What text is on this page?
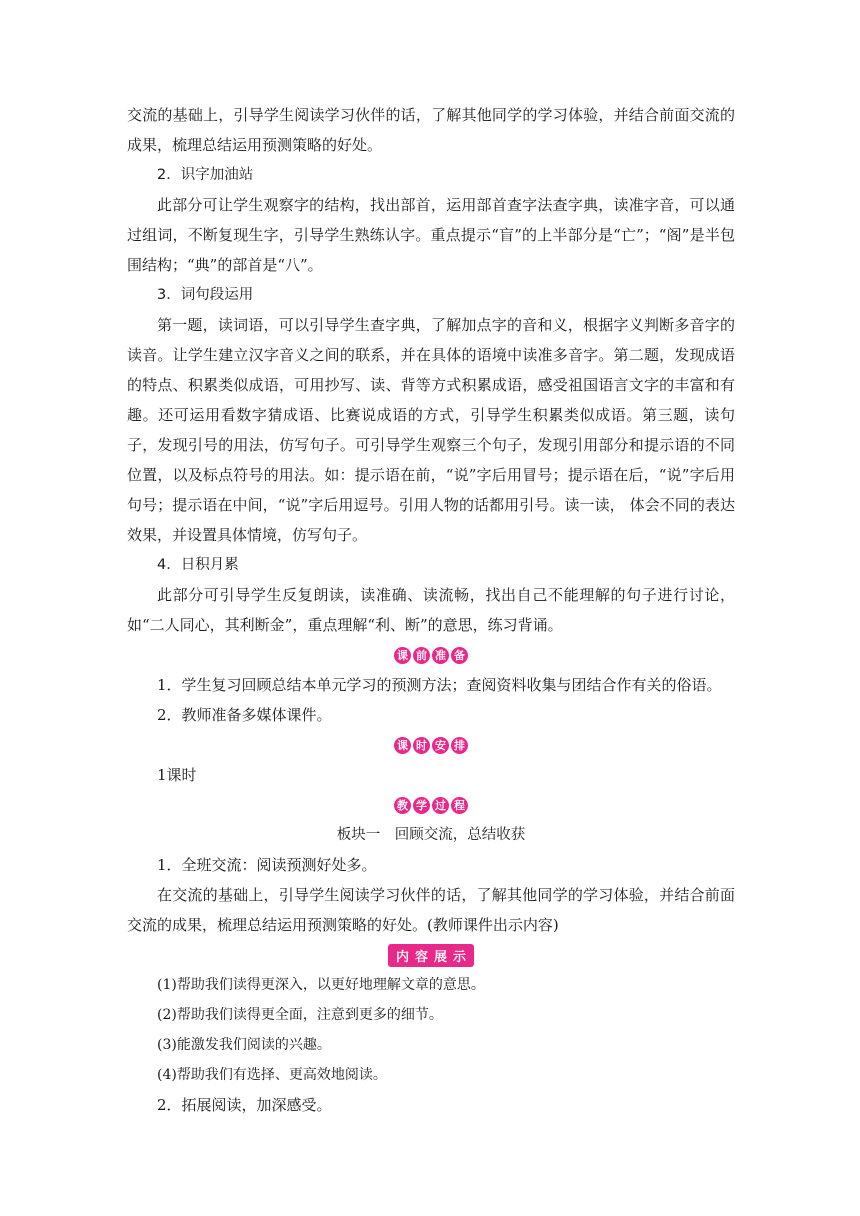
交流的基础上，引导学生阅读学习伙伴的话，了解其他同学的学习体验，并结合前面交流的成果，梳理总结运用预测策略的好处。

2．识字加油站

此部分可让学生观察字的结构，找出部首，运用部首查字法查字典，读准字音，可以通过组词，不断复现生字，引导学生熟练认字。重点提示“盲”的上半部分是“亡”；“阁”是半包围结构；“典”的部首是“八”。

3．词句段运用

第一题，读词语，可以引导学生查字典，了解加点字的音和义，根据字义判断多音字的读音。让学生建立汉字音义之间的联系，并在具体的语境中读准多音字。第二题，发现成语的特点、积累类似成语，可用抄写、读、背等方式积累成语，感受祖国语言文字的丰富和有趣。还可运用看数字猜成语、比赛说成语的方式，引导学生积累类似成语。第三题，读句子，发现引号的用法，仿写句子。可引导学生观察三个句子，发现引用部分和提示语的不同位置，以及标点符号的用法。如：提示语在前，“说”字后用冒号；提示语在后，“说”字后用句号；提示语在中间，“说”字后用逗号。引用人物的话都用引号。读一读， 体会不同的表达效果，并设置具体情境，仿写句子。

4．日积月累

此部分可引导学生反复朗读，读准确、读流畅，找出自己不能理解的句子进行讨论，如“二人同心，其利断金”，重点理解“利、断”的意思，练习背诵。

课 前 准 备

1．学生复习回顾总结本单元学习的预测方法；查阅资料收集与团结合作有关的俗语。

2．教师准备多媒体课件。

课 时 安 排

1课时

教 学 过 程

板块一　回顾交流，总结收获

1．全班交流：阅读预测好处多。

在交流的基础上，引导学生阅读学习伙伴的话，了解其他同学的学习体验，并结合前面交流的成果，梳理总结运用预测策略的好处。(教师课件出示内容)

内 容 展 示

(1)帮助我们读得更深入，以更好地理解文章的意思。

(2)帮助我们读得更全面，注意到更多的细节。

(3)能激发我们阅读的兴趣。

(4)帮助我们有选择、更高效地阅读。

2．拓展阅读，加深感受。
